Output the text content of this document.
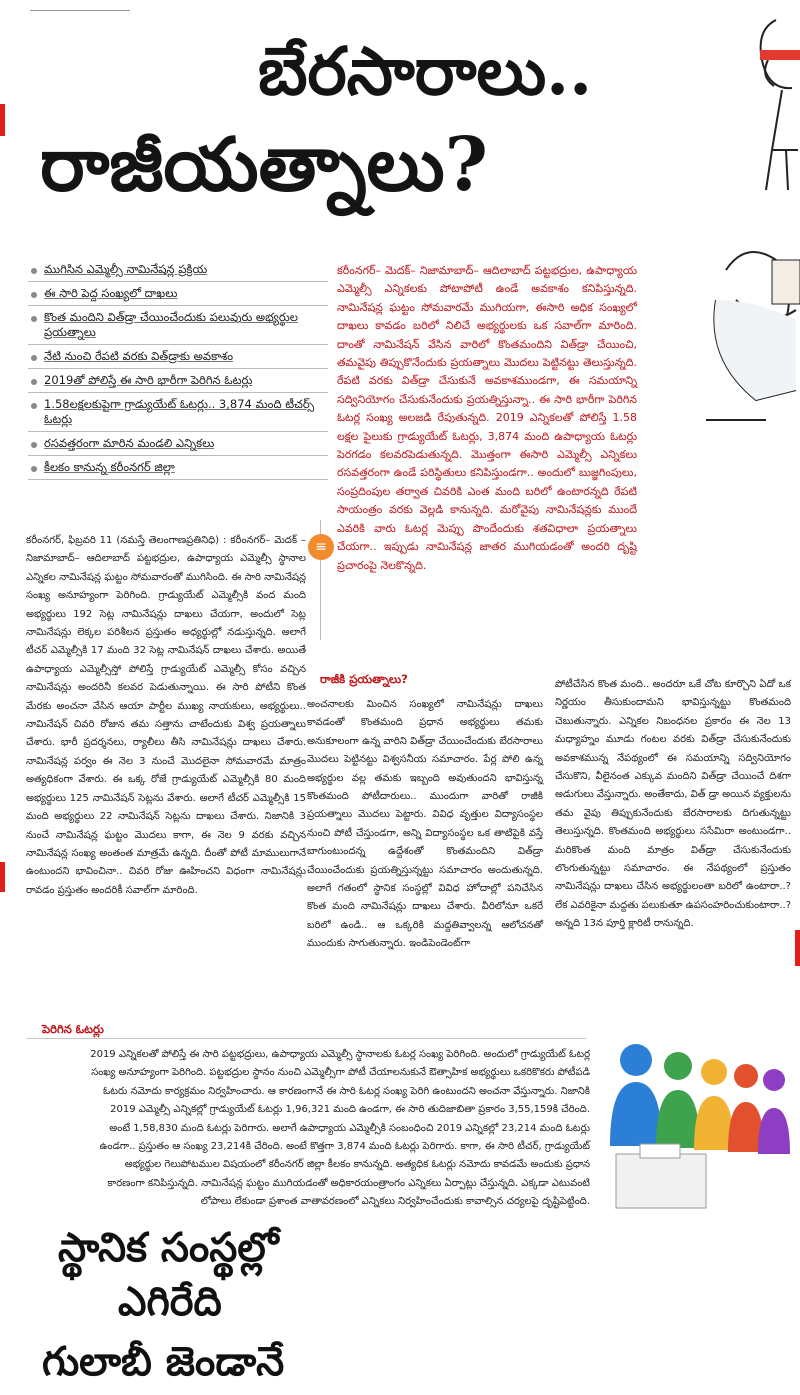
బేరసారాలు..
రాజీయత్నాలు?
ముగిసిన ఎమ్మెల్సీ నామినేషన్ల ప్రక్రియ
ఈ సారి పెద్ద సంఖ్యలో దాఖలు
కొంత మందిని విత్‌డ్రా చేయించేందుకు పలువురు అభ్యర్థుల ప్రయత్నాలు
నేటి నుంచి రేపటి వరకు విత్‌డ్రాకు అవకాశం
2019తో పోలిస్తే ఈ సారి భారీగా పెరిగిన ఓటర్లు
1.58లక్షలకుపైగా గ్రాడ్యుయేట్ ఓటర్లు.. 3,874 మంది టీచర్స్ ఓటర్లు
రసవత్తరంగా మారిన మండలి ఎన్నికలు
కీలకం కానున్న కరీంనగర్ జిల్లా
కరీంనగర్– మెదక్– నిజామాబాద్– ఆదిలాబాద్ పట్టభద్రుల, ఉపాధ్యాయ ఎమ్మెల్సీ ఎన్నికలకు పోటాపోటీ ఉండే అవకాశం కనిపిస్తున్నది. నామినేషన్ల ఘట్టం సోమవారమే ముగియగా, ఈసారి అధిక సంఖ్యలో దాఖలు కావడం బరిలో నిలిచే అభ్యర్థులకు ఒక సవాల్‌గా మారింది. దాంతో నామినేషన్ వేసిన వారిలో కొంతమందిని విత్‌డ్రా చేయించి, తమవైపు తిప్పుకొనేందుకు ప్రయత్నాలు మొదలు పెట్టినట్టు తెలుస్తున్నది. రేపటి వరకు విత్‌డ్రా చేసుకునే అవకాశముండగా, ఈ సమయాన్ని సద్వినియోగం చేసుకునేందుకు ప్రయత్నిస్తున్నా.. ఈ సారి భారీగా పెరిగిన ఓటర్ల సంఖ్య అలజడి రేపుతున్నది. 2019 ఎన్నికలతో పోలిస్తే 1.58 లక్షల పైలుకు గ్రాడ్యుయేట్ ఓటర్లు, 3,874 మంది ఉపాధ్యాయ ఓటర్లు పెరగడం కలవరపెడుతున్నది. మొత్తంగా ఈసారి ఎమ్మెల్సీ ఎన్నికలు రసవత్తరంగా ఉండే పరిస్థితులు కనిపిస్తుండగా.. అందులో బుజ్జగింపులు, సంప్రదింపుల తర్వాత చివరికి ఎంత మంది బరిలో ఉంటారన్నది రేపటి సాయంత్రం వరకు వెల్లడి కానున్నది. మరోవైపు నామినేషన్లకు ముందే ఎవరికి వారు ఓటర్ల మెప్పు పొందేందుకు శతవిధాలా ప్రయత్నాలు చేయగా.. ఇప్పుడు నామినేషన్ల జాతర ముగియడంతో అందరి దృష్టి ప్రచారంపై నెలకొన్నది.
≡
కరీంనగర్, ఫిబ్రవరి 11 (నమస్తే తెలంగాణప్రతినిధి) : కరీంనగర్– మెదక్ –నిజామాబాద్– ఆదిలాబాద్ పట్టభద్రుల, ఉపాధ్యాయ ఎమ్మెల్సీ స్థానాల ఎన్నికల నామినేషన్ల ఘట్టం సోమవారంతో ముగిసింది. ఈ సారి నామినేషన్ల సంఖ్య అనూహ్యంగా పెరిగింది. గ్రాడ్యుయేట్ ఎమ్మెల్సీకి వంద మంది అభ్యర్థులు 192 సెట్ల నామినేషన్లు దాఖలు చేయగా, అందులో సెట్ల నామినేషన్లు లెక్కల పరిశీలన ప్రస్తుతం అధ్యర్థుల్లో నడుస్తున్నది. అలాగే టీచర్ ఎమ్మెల్సీకి 17 మంది 32 సెట్ల నామినేషన్ దాఖలు చేశారు. అయితే ఉపాధ్యాయ ఎమ్మెల్సీస్తో పోలిస్తే గ్రాడ్యుయేట్ ఎమ్మెల్సీ కోసం వచ్చిన నామినేషన్లు అందరినీ కలవర పెడుతున్నాయి. ఈ సారి పోటీని కొంత మేరకు అంచనా వేసిన ఆయా పార్టీల ముఖ్య నాయకులు, అభ్యర్థులు.. నామినేషన్ చివరి రోజున తమ సత్తాను చాటేందుకు విశ్వ ప్రయత్నాలు చేశారు. భారీ ప్రదర్శనలు, ర్యాలీలు తీసి నామినేషన్లు దాఖలు చేశారు. నామినేషన్ల పర్వం ఈ నెల 3 నుంచే మొదలైనా సోమవారమే మాత్రం అత్యధికంగా వేశారు. ఈ ఒక్క రోజే గ్రాడ్యుయేట్ ఎమ్మెల్సీకి 80 మంది అభ్యర్థులు 125 నామినేషన్ సెట్లను వేశారు. అలాగే టీచర్ ఎమ్మెల్సీకి 15 మంది అభ్యర్థులు 22 నామినేషన్ సెట్లను దాఖలు చేశారు. నిజానికి 3 నుంచే నామినేషన్ల ఘట్టం మొదలు కాగా, ఈ నెల 9 వరకు వచ్చిన నామినేషన్ల సంఖ్య అంతంత మాత్రమే ఉన్నది. దీంతో పోటీ మాములుగానే ఉంటుందని భావించినా.. చివరి రోజు ఊహించని విధంగా నామినేషన్లు రావడం ప్రస్తుతం అందరికీ సవాల్‌గా మారింది.
రాజీకి ప్రయత్నాలు?
అంచనాలకు మించిన సంఖ్యలో నామినేషన్లు దాఖలు కావడంతో కొంతమంది ప్రధాన అభ్యర్థులు తమకు అనుకూలంగా ఉన్న వారిని విత్‌డ్రా చేయించేందుకు బేరసారాలు మొదలు పెట్టినట్టు విశ్వసనీయ సమాచారం. పేర్ల పోలి ఉన్న అభ్యర్థుల వల్ల తమకు ఇబ్బంది అవుతుందని భావిస్తున్న కొంతమంది పోటీదారులు.. ముందుగా వారితో రాజీకి ప్రయత్నాలు మొదలు పెట్టారు. వివిధ వృత్తుల విద్యాసంస్థల నుంచి పోటీ చేస్తుండగా, అన్ని విద్యాసంస్థల ఒక తాటిపైకి వస్తే బాగుంటుందన్న ఉద్దేశంతో కొంతమందిని విత్‌డ్రా చేయించేందుకు ప్రయత్నిస్తున్నట్టు సమాచారం అందుతున్నది. అలాగే గతంలో స్థానిక సంస్థల్లో వివిధ హోదాల్లో పనిచేసిన కొంత మంది నామినేషన్లు దాఖలు చేశారు. వీరిలోనూ ఒకరే బరిలో ఉండి.. ఆ ఒక్కరికి మద్దతివ్వాలన్న ఆలోచనతో ముందుకు సాగుతున్నారు. ఇండిపెండెంట్‌గా
పోటీచేసిన కొంత మంది.. అందరూ ఒకే చోట కూర్చొని ఏదో ఒక నిర్ణయం తీసుకుందామని భావిస్తున్నట్టు కొంతమంది చెబుతున్నారు. ఎన్నికల నిబంధనల ప్రకారం ఈ నెల 13 మధ్యాహ్నం మూడు గంటల వరకు విత్‌డ్రా చేసుకునేందుకు అవకాశమున్న నేపథ్యంలో ఈ సమయాన్ని సద్వినియోగం చేసుకొని, వీలైనంత ఎక్కువ మందిని విత్‌డ్రా చేయించే దిశగా అడుగులు వేస్తున్నారు. అంతేకాదు, విత్ డ్రా అయిన వ్యక్తులను తమ వైపు తిప్పుకునేందుకు బేరసారాలకు దిగుతున్నట్టు తెలుస్తున్నది. కొంతమంది అభ్యర్థులు ససేమిరా అంటుండగా.. మరికొంత మంది మాత్రం విత్‌డ్రా చేసుకునేందుకు లొంగుతున్నట్టు సమాచారం. ఈ నేపథ్యంలో ప్రస్తుతం నామినేషన్లు దాఖలు చేసిన అభ్యర్థులంతా బరిలో ఉంటారా..? లేక ఎవరికైనా మద్దతు పలుకుతూ ఉపసంహరించుకుంటారా..? అన్నది 13న పూర్తి క్లారిటీ రానున్నది.
పెరిగిన ఓటర్లు
2019 ఎన్నికలతో పోలిస్తే ఈ సారి పట్టభద్రులు, ఉపాధ్యాయ ఎమ్మెల్సీ స్థానాలకు ఓటర్ల సంఖ్య పెరిగింది. అందులో గ్రాడ్యుయేట్ ఓటర్ల సంఖ్య అనూహ్యంగా పెరిగింది. పట్టభద్రుల స్థానం నుంచి ఎమ్మెల్సీగా పోటీ చేయాలనుకునే ఔత్సాహిక అభ్యర్థులు ఒకరికొకరు పోటీపడి ఓటరు నమోదు కార్యక్రమం నిర్వహించారు. ఆ కారణంగానే ఈ సారి ఓటర్ల సంఖ్య పెరిగి ఉంటుందని అంచనా వేస్తున్నారు. నిజానికి 2019 ఎమ్మెల్సీ ఎన్నికల్లో గ్రాడ్యుయేట్ ఓటర్లు 1,96,321 మంది ఉండగా, ఈ సారి తుదిజాబితా ప్రకారం 3,55,159కి చేరింది. అంటే 1,58,830 మంది ఓటర్లు పెరిగారు. అలాగే ఉపాధ్యాయ ఎమ్మెల్సీకి సంబంధించి 2019 ఎన్నికల్లో 23,214 మంది ఓటర్లు ఉండగా.. ప్రస్తుతం ఆ సంఖ్య 23,214కి చేరింది. అంటే కొత్తగా 3,874 మంది ఓటర్లు పెరిగారు. కాగా, ఈ సారి టీచర్, గ్రాడ్యుయేట్ అభ్యర్థుల గెలుపోటముల విషయంలో కరీంనగర్ జిల్లా కీలకం కానున్నది. అత్యధిక ఓటర్లు నమోదు కావడమే అందుకు ప్రధాన కారణంగా కనిపిస్తున్నది. నామినేషన్ల ఘట్టం ముగియడంతో అధికారయంత్రాంగం ఎన్నికలు ఏర్పాట్లు చేస్తున్నది. ఎక్కడా ఎటువంటి లోపాలు లేకుండా ప్రశాంత వాతావరణంలో ఎన్నికలు నిర్వహించేందుకు కావాల్సిన చర్యలపై దృష్టిపెట్టింది.
స్థానిక సంస్థల్లో
ఎగిరేది
గులాబీ జెండానే
